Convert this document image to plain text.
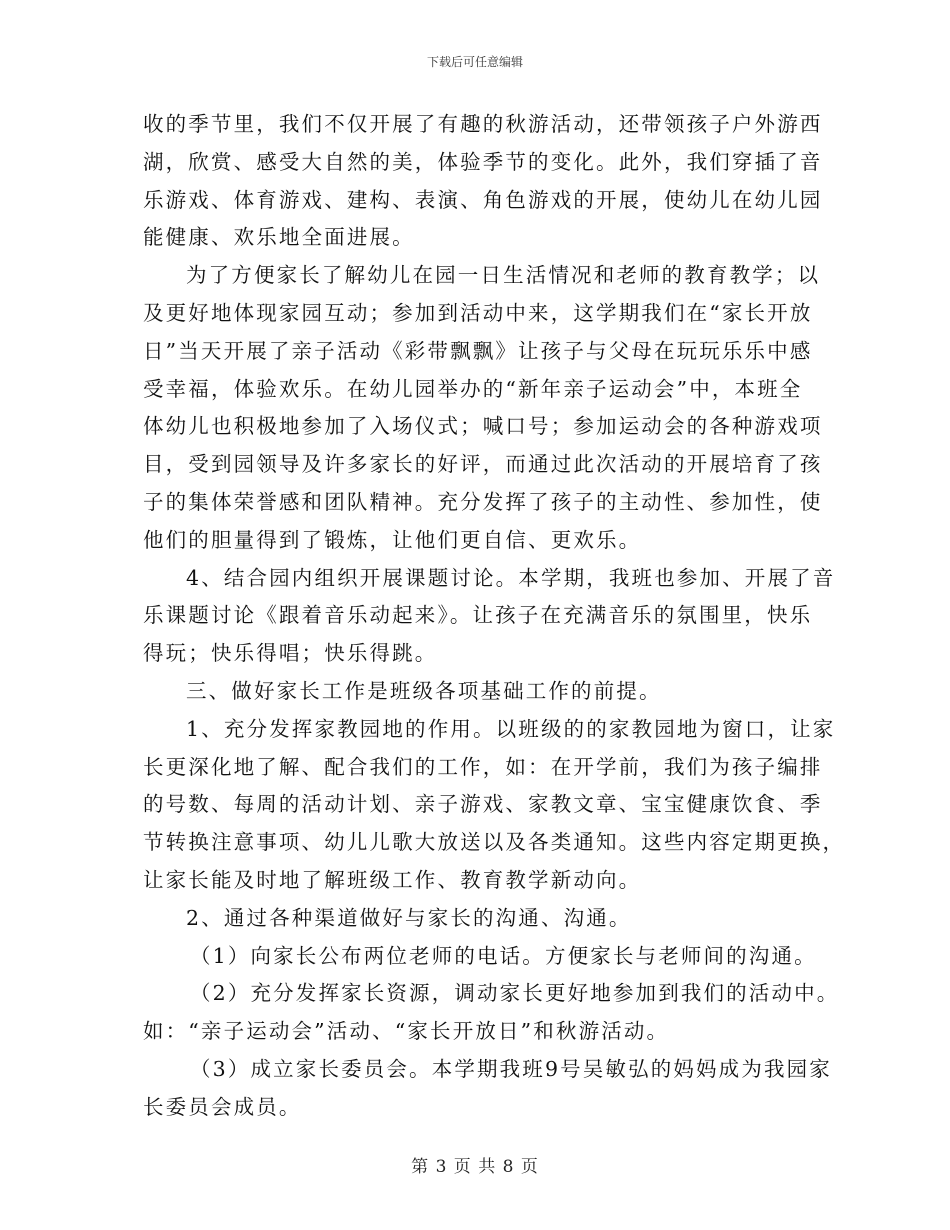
下载后可任意编辑
收的季节里，我们不仅开展了有趣的秋游活动，还带领孩子户外游西
湖，欣赏、感受大自然的美，体验季节的变化。此外，我们穿插了音
乐游戏、体育游戏、建构、表演、角色游戏的开展，使幼儿在幼儿园
能健康、欢乐地全面进展。
为了方便家长了解幼儿在园一日生活情况和老师的教育教学；以
及更好地体现家园互动；参加到活动中来，这学期我们在“家长开放
日”当天开展了亲子活动《彩带飘飘》让孩子与父母在玩玩乐乐中感
受幸福，体验欢乐。在幼儿园举办的“新年亲子运动会”中，本班全
体幼儿也积极地参加了入场仪式；喊口号；参加运动会的各种游戏项
目，受到园领导及许多家长的好评，而通过此次活动的开展培育了孩
子的集体荣誉感和团队精神。充分发挥了孩子的主动性、参加性，使
他们的胆量得到了锻炼，让他们更自信、更欢乐。
4、结合园内组织开展课题讨论。本学期，我班也参加、开展了音
乐课题讨论《跟着音乐动起来》。让孩子在充满音乐的氛围里，快乐
得玩；快乐得唱；快乐得跳。
三、做好家长工作是班级各项基础工作的前提。
1、充分发挥家教园地的作用。以班级的的家教园地为窗口，让家
长更深化地了解、配合我们的工作，如：在开学前，我们为孩子编排
的号数、每周的活动计划、亲子游戏、家教文章、宝宝健康饮食、季
节转换注意事项、幼儿儿歌大放送以及各类通知。这些内容定期更换，
让家长能及时地了解班级工作、教育教学新动向。
2、通过各种渠道做好与家长的沟通、沟通。
（1）向家长公布两位老师的电话。方便家长与老师间的沟通。
（2）充分发挥家长资源，调动家长更好地参加到我们的活动中。
如：“亲子运动会”活动、“家长开放日”和秋游活动。
（3）成立家长委员会。本学期我班9号吴敏弘的妈妈成为我园家
长委员会成员。
第 3 页 共 8 页
